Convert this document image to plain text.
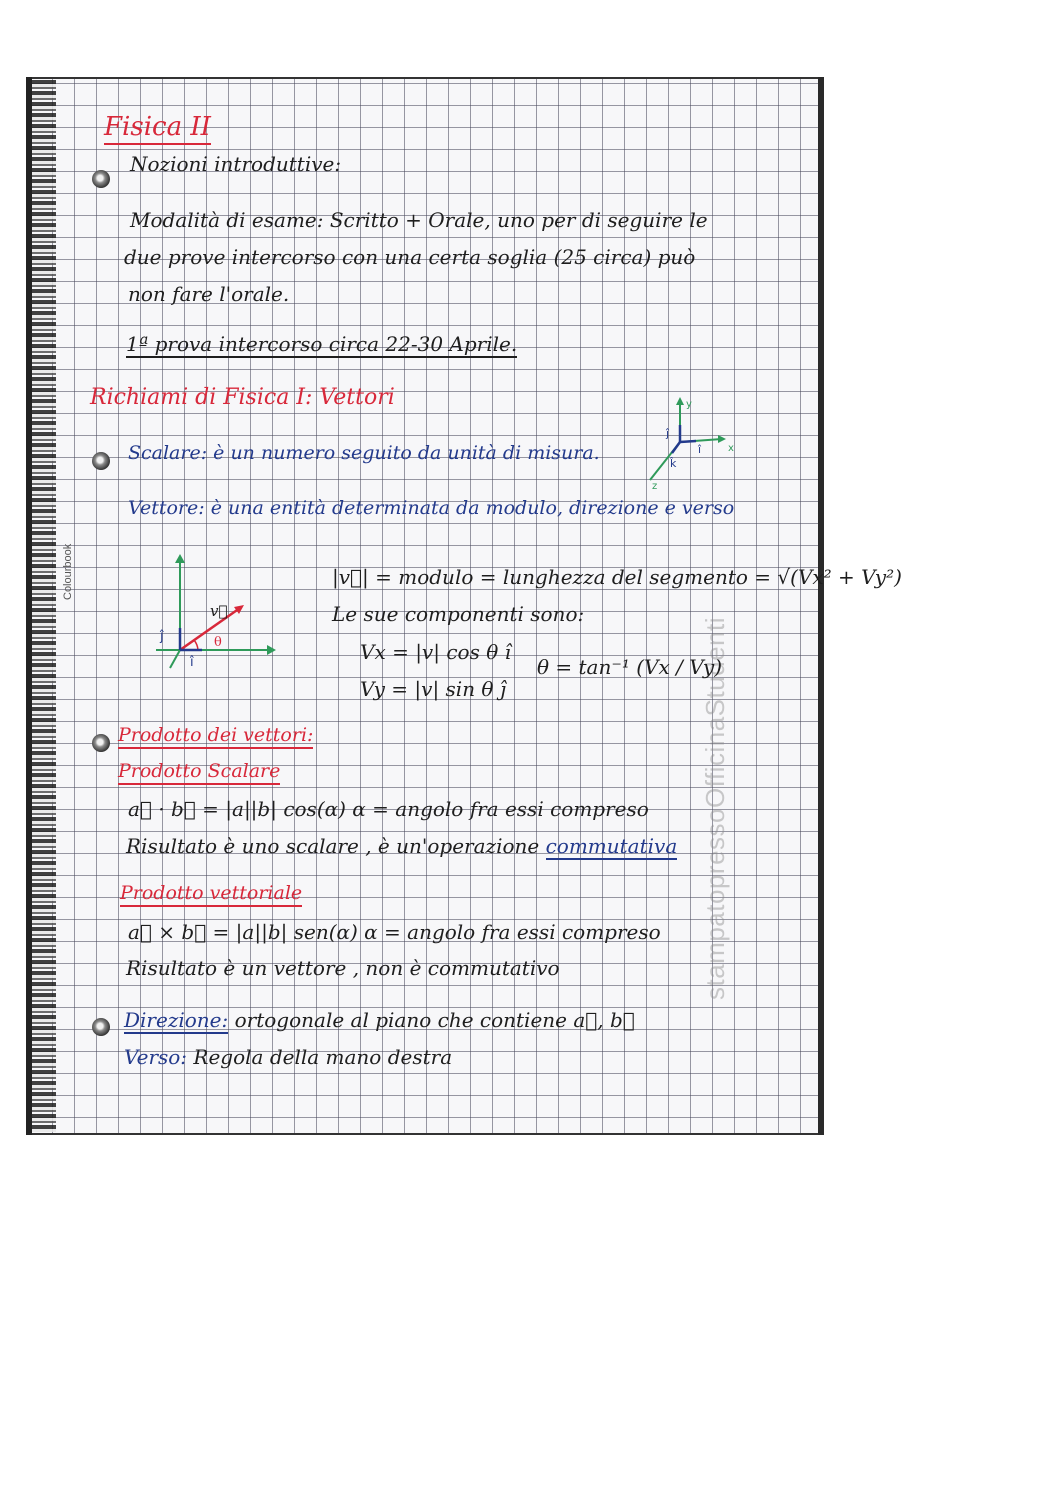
Colourbook
stampatopressoOfficinaStudenti
Fisica II
Nozioni introduttive:
Modalità di esame: Scritto + Orale, uno per di seguire le
due prove intercorso con una certa soglia (25 circa) può
non fare l'orale.
1ª prova intercorso circa 22-30 Aprile.
Richiami di Fisica I: Vettori
Scalare: è un numero seguito da unità di misura.
Vettore: è una entità determinata da modulo, direzione e verso
y
x
z
ĵ
î
k̂
v⃗
θ
ĵ
î
|v⃗| = modulo = lunghezza del segmento = √(Vx² + Vy²)
Le sue componenti sono:
Vx = |v| cos θ î
Vy = |v| sin θ ĵ
θ = tan⁻¹ (Vx / Vy)
Prodotto dei vettori:
Prodotto Scalare
a⃗ · b⃗ = |a||b| cos(α) α = angolo fra essi compreso
Risultato è uno scalare , è un'operazione commutativa
Prodotto vettoriale
a⃗ × b⃗ = |a||b| sen(α) α = angolo fra essi compreso
Risultato è un vettore , non è commutativo
Direzione: ortogonale al piano che contiene a⃗, b⃗
Verso: Regola della mano destra
